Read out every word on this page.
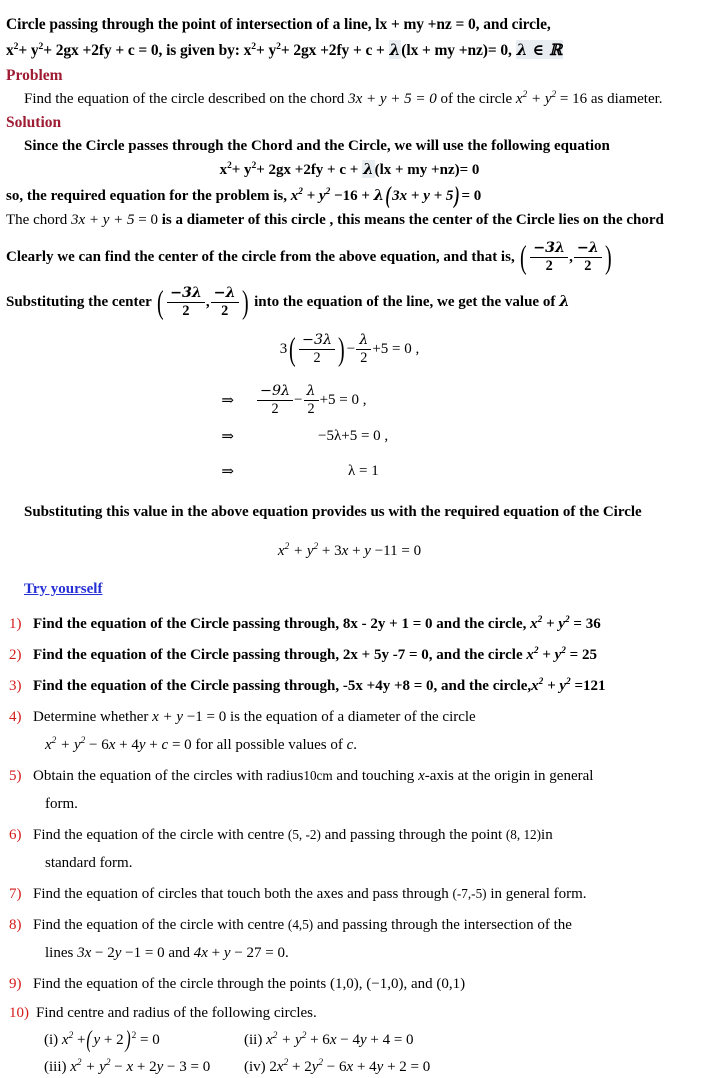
Circle passing through the point of intersection of a line, lx + my +nz = 0, and circle,
$x^2+ y^2+ 2gx +2fy + c = 0$, is given by: $x^2+ y^2+ 2gx +2fy + c + \lambda(lx$ + my +nz)= 0, λ ∈ ℝ
Problem
Find the equation of the circle described on the chord 3x + y + 5 = 0 of the circle $x^2 + y^2 = 16$ as diameter.
Solution
Since the Circle passes through the Chord and the Circle, we will use the following equation
$x^2+ y^2+ 2gx +2fy + c + \lambda(lx$ + my +nz)= 0
so, the required equation for the problem is, $x^2 + y^2 -16 + \lambda(3x + y + 5)= 0$
The chord 3x + y + 5 = 0 is a diameter of this circle , this means the center of the Circle lies on the chord
Clearly we can find the center of the circle from the above equation, and that is, ( $\frac{-3\lambda}{2}$ , $\frac{-\lambda}{2}$ )
Substituting the center ( $\frac{-3\lambda}{2}$ , $\frac{-\lambda}{2}$ ) into the equation of the line, we get the value of λ
$3( \frac{-3\lambda}{2}$ ) − $\frac{\lambda}{2} +5 = 0$ ,
⇒	$\frac{-9\lambda}{2} - \frac{\lambda}{2} +5 = 0$ ,
⇒	−5λ+5 = 0 ,
⇒	λ = 1
Substituting this value in the above equation provides us with the required equation of the Circle
$x^2 + y^2 + 3x + y -11 = 0$
Try yourself
1) Find the equation of the Circle passing through, 8x - 2y + 1 = 0 and the circle, $x^2 + y^2 = 36$
2) Find the equation of the Circle passing through, 2x + 5y -7 = 0, and the circle $x^2 + y^2 = 25$
3) Find the equation of the Circle passing through, -5x +4y +8 = 0, and the $circle,x^2 + y^2 =121$
4) Determine whether x + y −1 = 0 is the equation of a diameter of the circle
$x^2 + y^2 - 6x + 4y + c = 0$ for all possible values of c.
5) Obtain the equation of the circles with radius10cm and touching x-axis at the origin in general
form.
6) Find the equation of the circle with centre (5, -2) and passing through the point (8, 12)in
standard form.
7) Find the equation of circles that touch both the axes and pass through (-7,-5) in general form.
8) Find the equation of the circle with centre (4,5) and passing through the intersection of the
lines 3x − 2y −1 = 0 and 4x + y − 27 = 0.
9) Find the equation of the circle through the points (1,0), (−1,0), and (0,1)
10) Find centre and radius of the following circles.
(i) $x^2 +(y + 2)^2 = 0$	(ii) $x^2 + y^2 + 6x - 4y + 4 = 0$
(iii) $x^2 + y^2 - x + 2y - 3 = 0$	(iv) $2x^2 + 2y^2 - 6x + 4y + 2 = 0$
